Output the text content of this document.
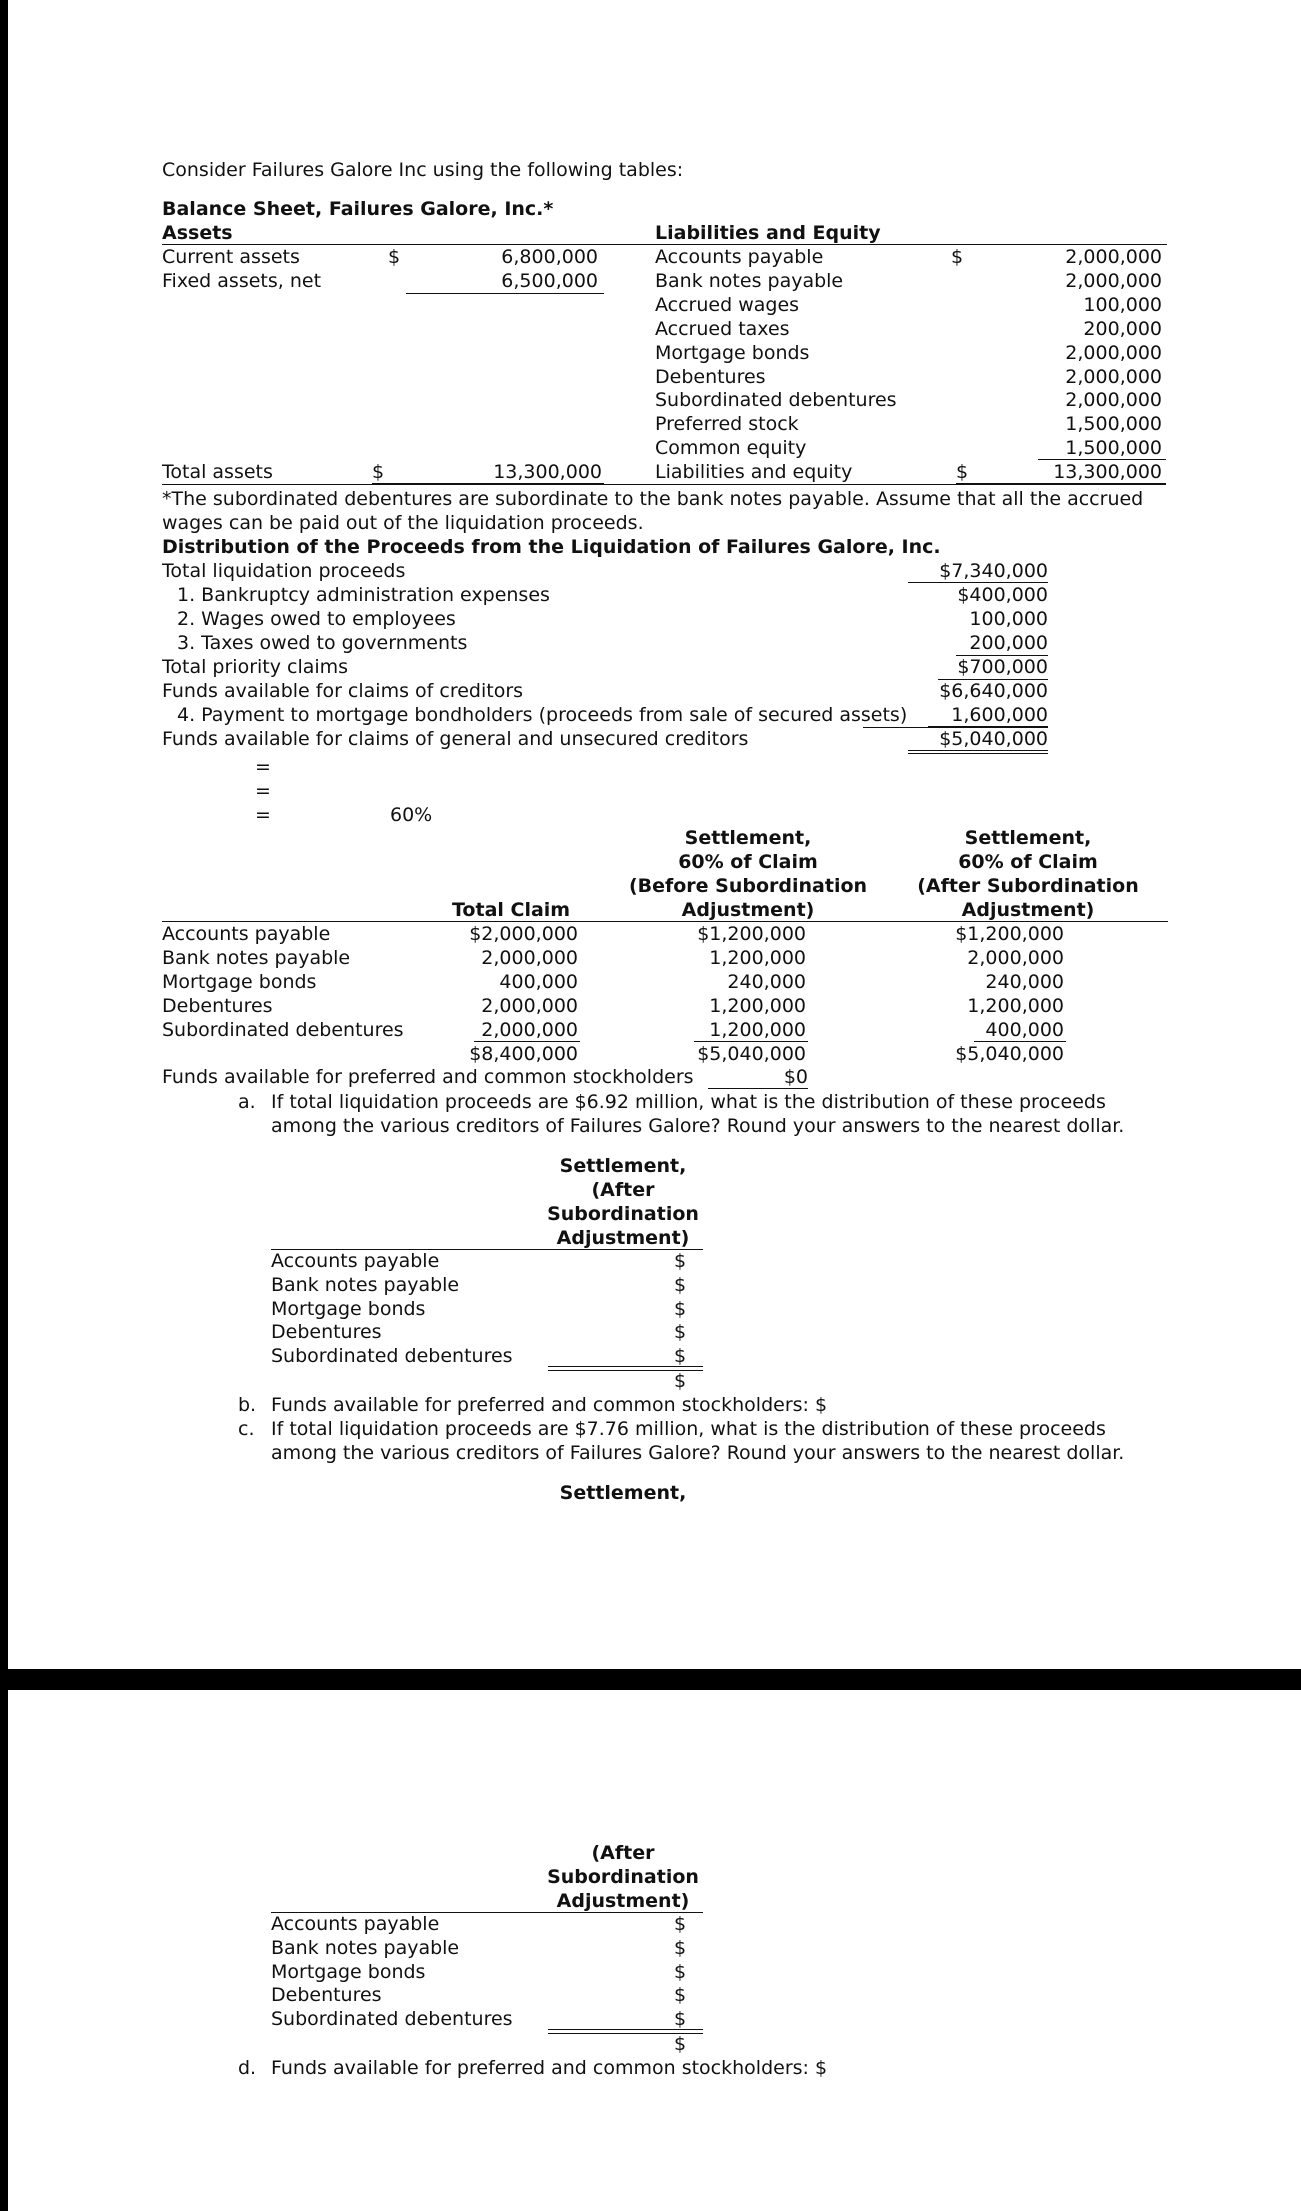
Consider Failures Galore Inc using the following tables:
Balance Sheet, Failures Galore, Inc.*
Assets	Liabilities and Equity
Current assets	$	6,800,000
Fixed assets, net	6,500,000
Accounts payable	$	2,000,000
Bank notes payable	2,000,000
Accrued wages	100,000
Accrued taxes	200,000
Mortgage bonds	2,000,000
Debentures	2,000,000
Subordinated debentures	2,000,000
Preferred stock	1,500,000
Common equity	1,500,000
Total assets	$	13,300,000	Liabilities and equity	$	13,300,000
*The subordinated debentures are subordinate to the bank notes payable. Assume that all the accrued
wages can be paid out of the liquidation proceeds.
Distribution of the Proceeds from the Liquidation of Failures Galore, Inc.
Total liquidation proceeds	$7,340,000
1. Bankruptcy administration expenses	$400,000
2. Wages owed to employees	100,000
3. Taxes owed to governments	200,000
Total priority claims	$700,000
Funds available for claims of creditors	$6,640,000
4. Payment to mortgage bondholders (proceeds from sale of secured assets)	1,600,000
Funds available for claims of general and unsecured creditors	$5,040,000
=
=
=	60%
Settlement,
60% of Claim
(Before Subordination
Adjustment)
Settlement,
60% of Claim
(After Subordination
Adjustment)
Total Claim
Accounts payable	$2,000,000	$1,200,000	$1,200,000
Bank notes payable	2,000,000	1,200,000	2,000,000
Mortgage bonds	400,000	240,000	240,000
Debentures	2,000,000	1,200,000	1,200,000
Subordinated debentures	2,000,000	1,200,000	400,000
$8,400,000	$5,040,000	$5,040,000
Funds available for preferred and common stockholders	$0
a. If total liquidation proceeds are $6.92 million, what is the distribution of these proceeds
among the various creditors of Failures Galore? Round your answers to the nearest dollar.
Settlement,
(After
Subordination
Adjustment)
Accounts payable	$
Bank notes payable	$
Mortgage bonds	$
Debentures	$
Subordinated debentures	$
$
b. Funds available for preferred and common stockholders: $
c. If total liquidation proceeds are $7.76 million, what is the distribution of these proceeds
among the various creditors of Failures Galore? Round your answers to the nearest dollar.
Settlement,
(After
Subordination
Adjustment)
Accounts payable	$
Bank notes payable	$
Mortgage bonds	$
Debentures	$
Subordinated debentures	$
$
d. Funds available for preferred and common stockholders: $
